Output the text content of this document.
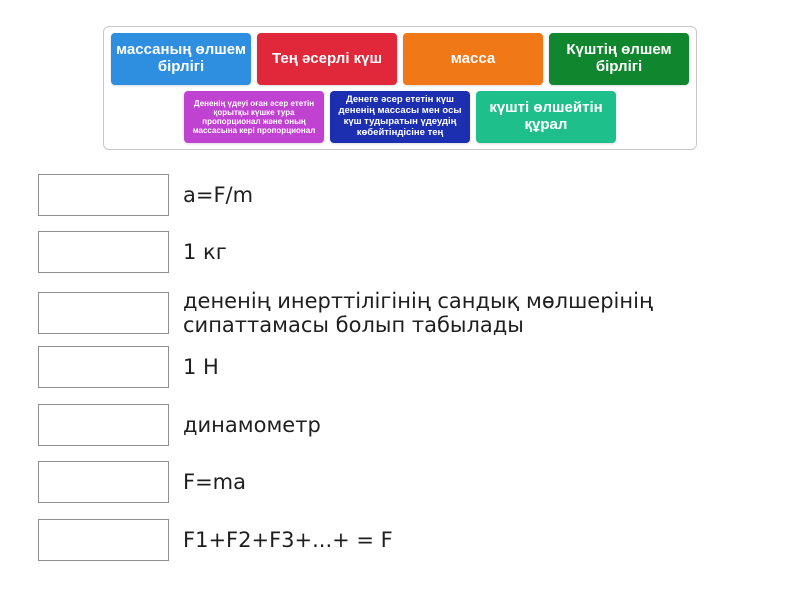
массаның өлшем бірлігі	Тең әсерлі күш	масса	Күштің өлшем бірлігі
Дененің үдеуі оған әсер ететін қорытқы күшке тура пропорционал және оның массасына кері пропорционал
Денеге әсер ететін күш дененің массасы мен осы күш тудыратын үдеудің көбейтіндісіне тең
күшті өлшейтін құрал
a=F/m
1 кг
дененің инерттілігінің сандық мөлшерінің сипаттамасы болып табылады
1 Н
динамометр
F=ma
F1+F2+F3+...+ = F
